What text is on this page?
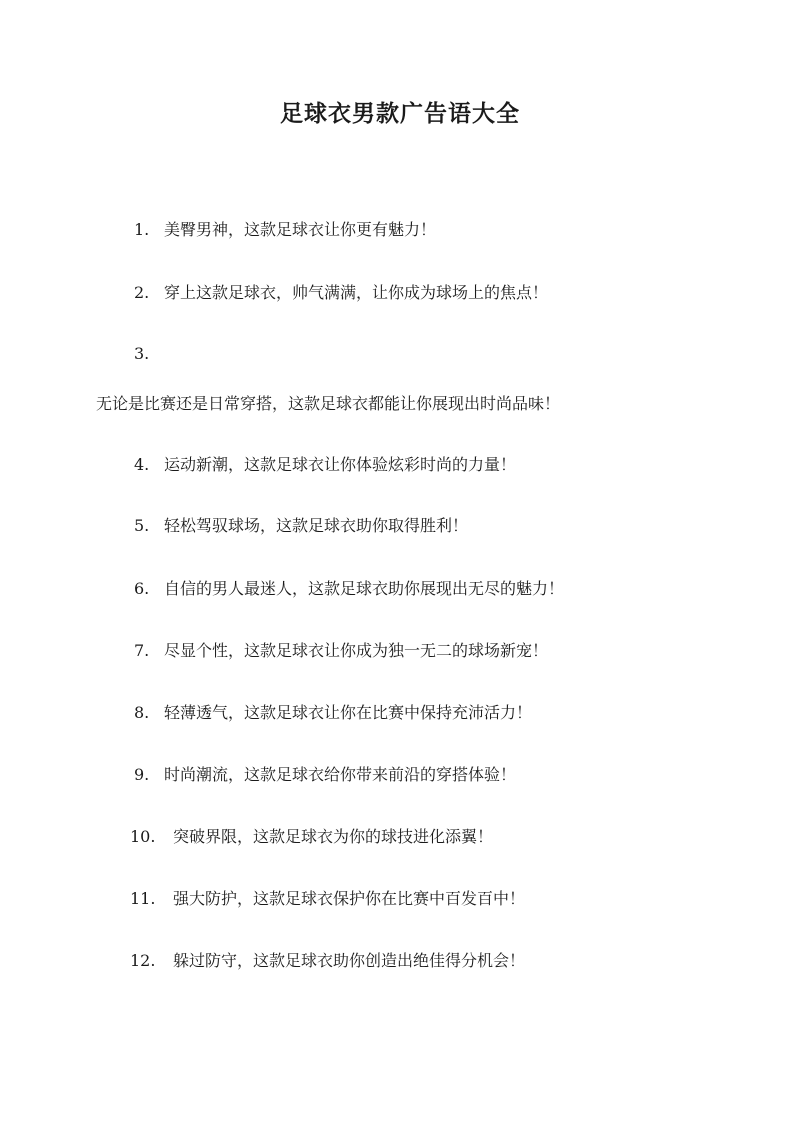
足球衣男款广告语大全
1. 美臀男神，这款足球衣让你更有魅力！
2. 穿上这款足球衣，帅气满满，让你成为球场上的焦点！
3.
无论是比赛还是日常穿搭，这款足球衣都能让你展现出时尚品味！
4. 运动新潮，这款足球衣让你体验炫彩时尚的力量！
5. 轻松驾驭球场，这款足球衣助你取得胜利！
6. 自信的男人最迷人，这款足球衣助你展现出无尽的魅力！
7. 尽显个性，这款足球衣让你成为独一无二的球场新宠！
8. 轻薄透气，这款足球衣让你在比赛中保持充沛活力！
9. 时尚潮流，这款足球衣给你带来前沿的穿搭体验！
10.	突破界限，这款足球衣为你的球技进化添翼！
11.	强大防护，这款足球衣保护你在比赛中百发百中！
12.	躲过防守，这款足球衣助你创造出绝佳得分机会！
